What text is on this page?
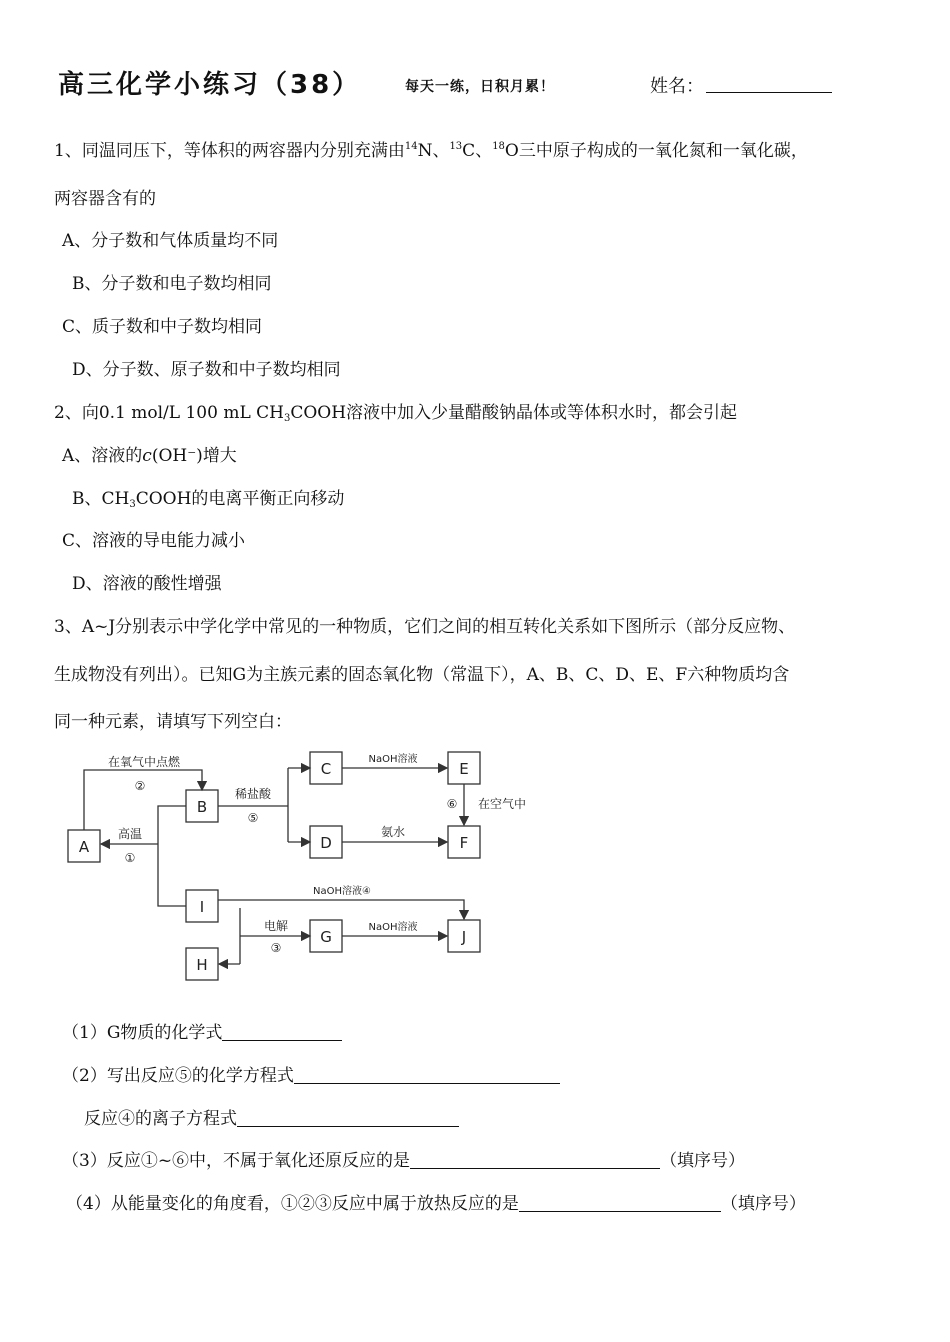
高三化学小练习（38）	每天一练，日积月累！	姓名：
1、同温同压下，等体积的两容器内分别充满由$^{14}$N、$^{13}$C、$^{18}$O三中原子构成的一氧化氮和一氧化碳，
两容器含有的
A、分子数和气体质量均不同
B、分子数和电子数均相同
C、质子数和中子数均相同
D、分子数、原子数和中子数均相同
2、向0.1 mol/L 100 mL $CH_3COOH$溶液中加入少量醋酸钠晶体或等体积水时，都会引起
A、溶液的c(OH⁻)增大
B、$CH_3COOH$的电离平衡正向移动
C、溶液的导电能力减小
D、溶液的酸性增强
3、A~J分别表示中学化学中常见的一种物质，它们之间的相互转化关系如下图所示（部分反应物、
生成物没有列出）。已知G为主族元素的固态氧化物（常温下），A、B、C、D、E、F六种物质均含
同一种元素，请填写下列空白：
A
B
C	E
D	F
I
G	J
H
在氧气中点燃
②
高温
①
稀盐酸
⑤
NaOH溶液
氨水
⑥ 在空气中
NaOH溶液④
电解
③
NaOH溶液
（1）G物质的化学式
（2）写出反应⑤的化学方程式
反应④的离子方程式
（3）反应①~⑥中，不属于氧化还原反应的是	（填序号）
（4）从能量变化的角度看，①②③反应中属于放热反应的是	（填序号）
